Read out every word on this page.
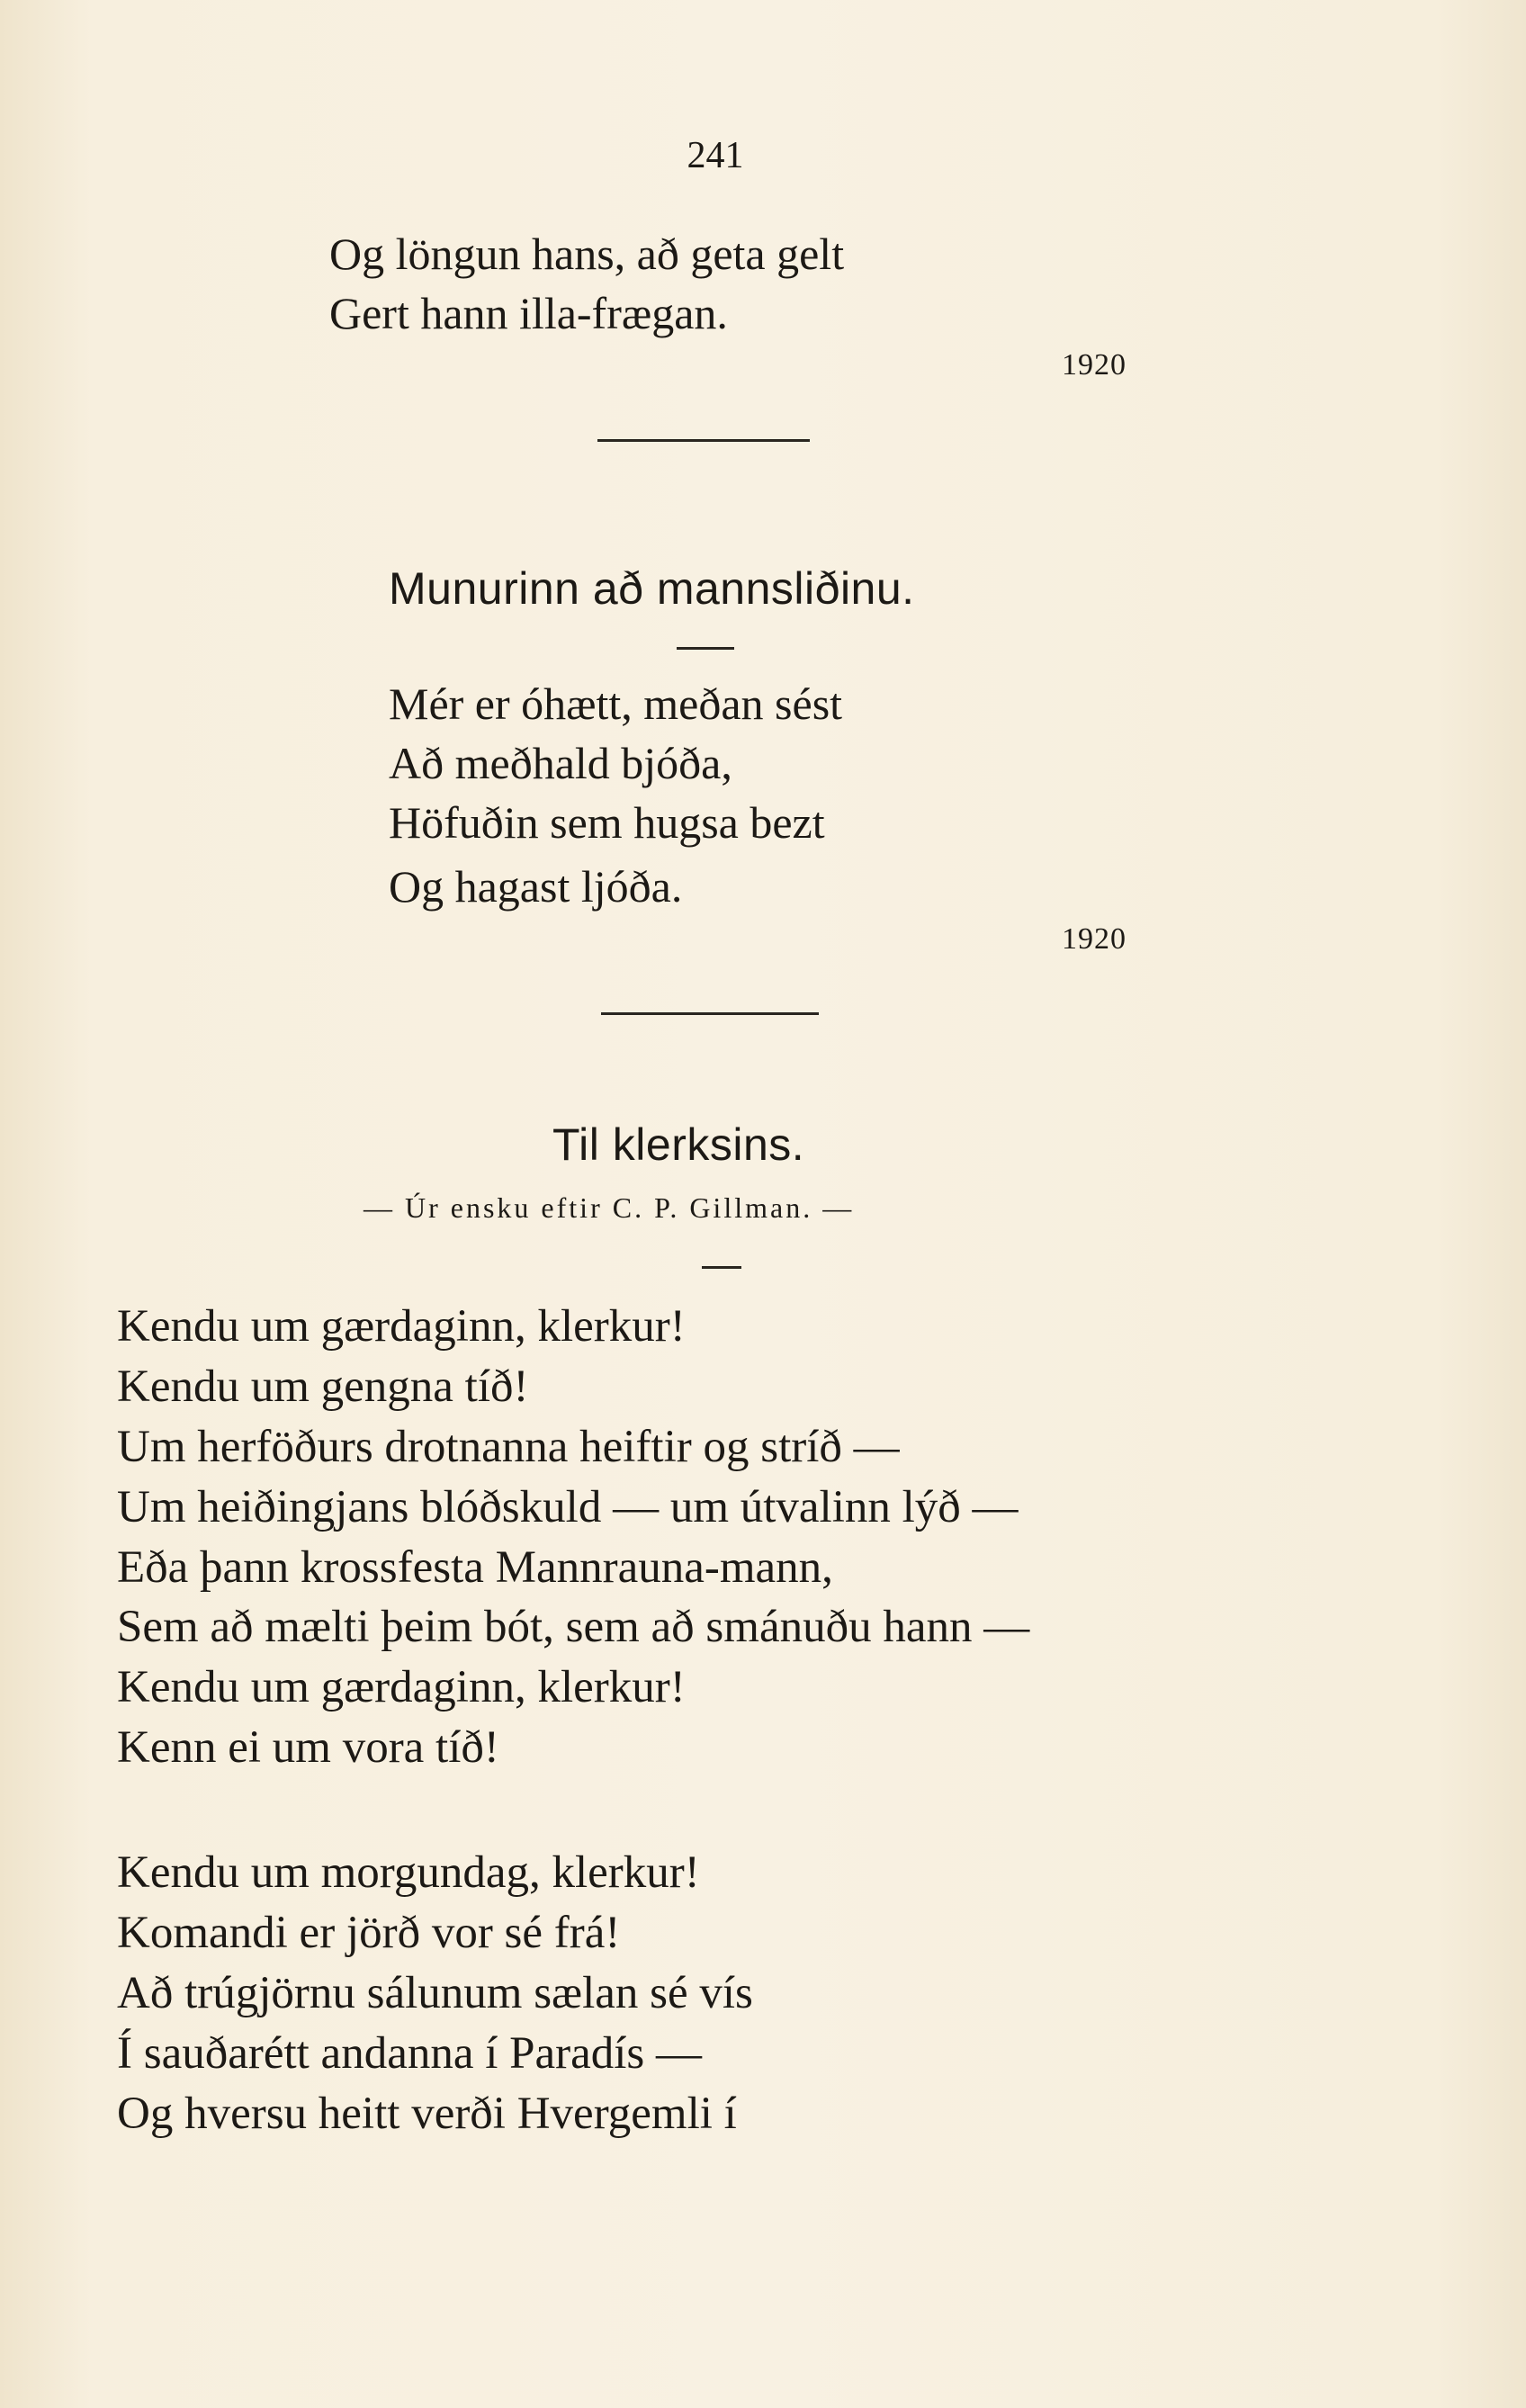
241
Og löngun hans, að geta gelt
Gert hann illa-frægan.
1920
Munurinn að mannsliðinu.
Mér er óhætt, meðan sést
Að meðhald bjóða,
Höfuðin sem hugsa bezt
Og hagast ljóða.
1920
Til klerksins.
— Úr ensku eftir C. P. Gillman. —
Kendu um gærdaginn, klerkur!
Kendu um gengna tíð!
Um herföðurs drotnanna heiftir og stríð —
Um heiðingjans blóðskuld — um útvalinn lýð —
Eða þann krossfesta Mannrauna-mann,
Sem að mælti þeim bót, sem að smánuðu hann —
Kendu um gærdaginn, klerkur!
Kenn ei um vora tíð!
Kendu um morgundag, klerkur!
Komandi er jörð vor sé frá!
Að trúgjörnu sálunum sælan sé vís
Í sauðarétt andanna í Paradís —
Og hversu heitt verði Hvergemli í
